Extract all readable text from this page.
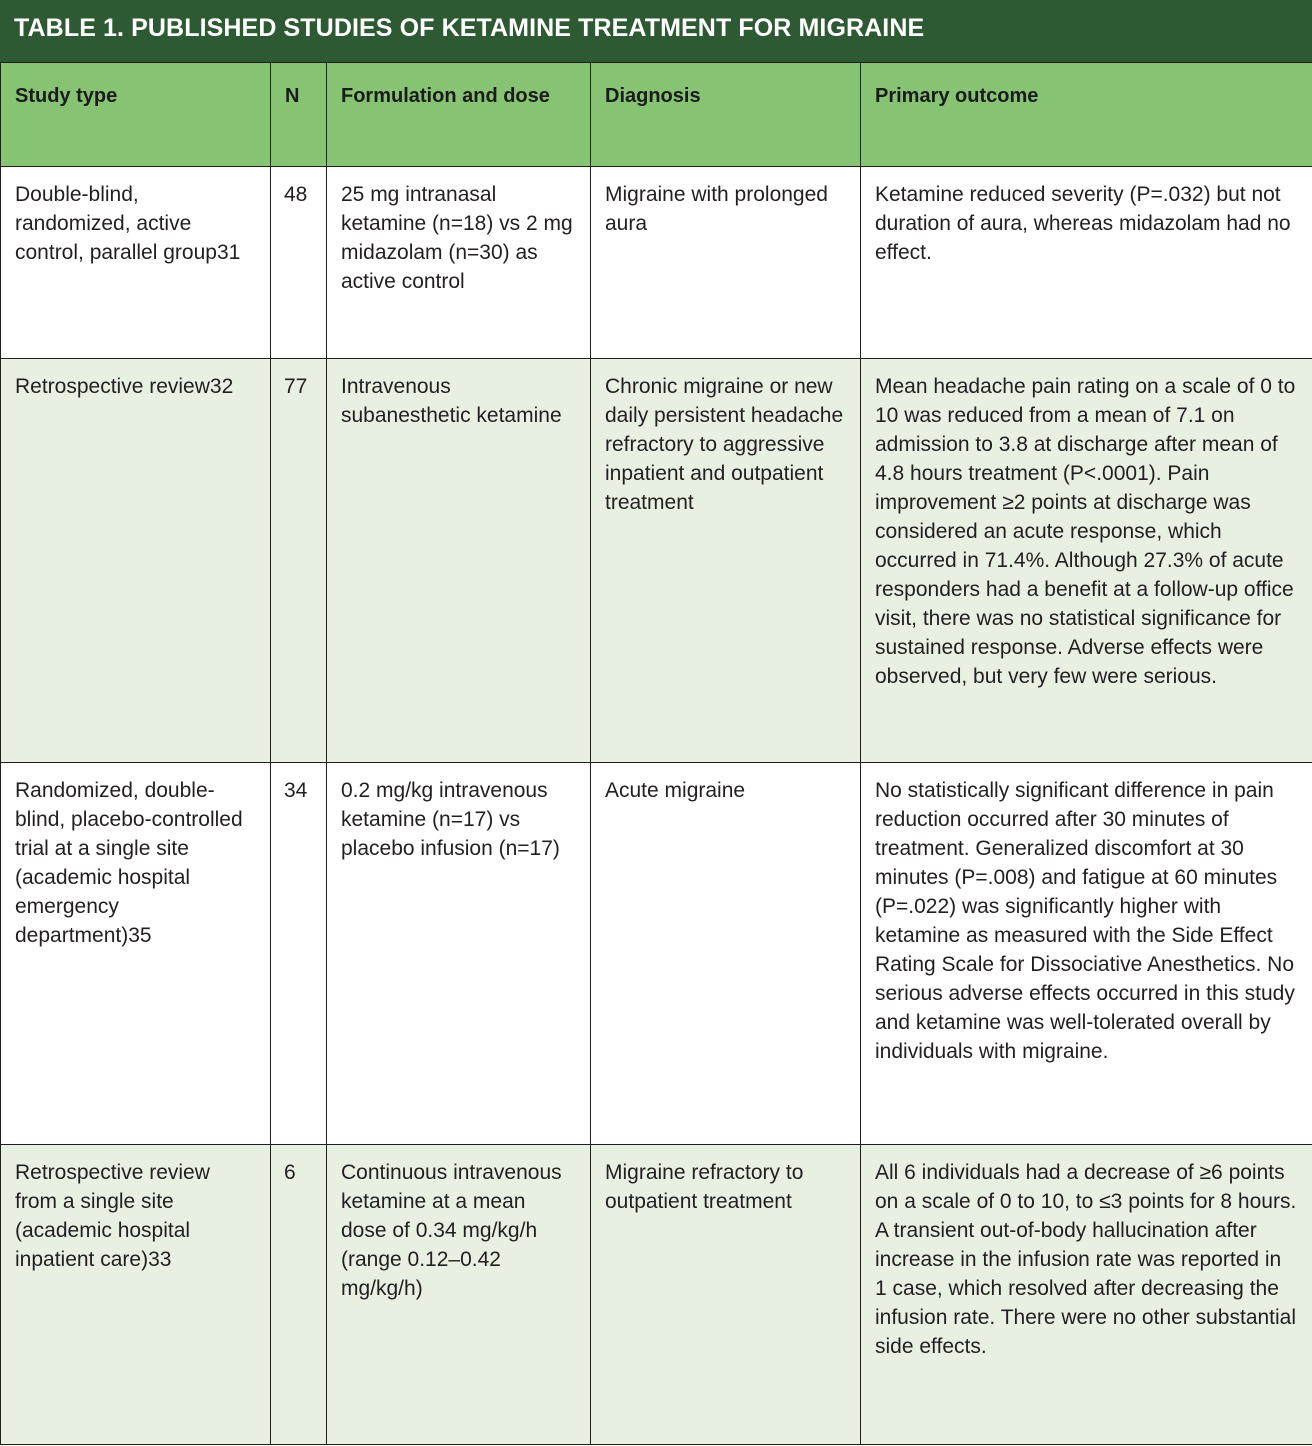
TABLE 1. PUBLISHED STUDIES OF KETAMINE TREATMENT FOR MIGRAINE
Study type	N	Formulation and dose	Diagnosis	Primary outcome
Double-blind, randomized, active control, parallel group31	48	25 mg intranasal ketamine (n=18) vs 2 mg midazolam (n=30) as active control	Migraine with prolonged aura	Ketamine reduced severity (P=.032) but not duration of aura, whereas midazolam had no effect.
Retrospective review32	77	Intravenous subanesthetic ketamine	Chronic migraine or new daily persistent headache refractory to aggressive inpatient and outpatient treatment	Mean headache pain rating on a scale of 0 to 10 was reduced from a mean of 7.1 on admission to 3.8 at discharge after mean of 4.8 hours treatment (P<.0001). Pain improvement ≥2 points at discharge was considered an acute response, which occurred in 71.4%. Although 27.3% of acute responders had a benefit at a follow-up office visit, there was no statistical significance for sustained response. Adverse effects were observed, but very few were serious.
Randomized, double-blind, placebo-controlled trial at a single site (academic hospital emergency department)35	34	0.2 mg/kg intravenous ketamine (n=17) vs placebo infusion (n=17)	Acute migraine	No statistically significant difference in pain reduction occurred after 30 minutes of treatment. Generalized discomfort at 30 minutes (P=.008) and fatigue at 60 minutes (P=.022) was significantly higher with ketamine as measured with the Side Effect Rating Scale for Dissociative Anesthetics. No serious adverse effects occurred in this study and ketamine was well-tolerated overall by individuals with migraine.
Retrospective review from a single site (academic hospital inpatient care)33	6	Continuous intravenous ketamine at a mean dose of 0.34 mg/kg/h (range 0.12–0.42 mg/kg/h)	Migraine refractory to outpatient treatment	All 6 individuals had a decrease of ≥6 points on a scale of 0 to 10, to ≤3 points for 8 hours. A transient out-of-body hallucination after increase in the infusion rate was reported in 1 case, which resolved after decreasing the infusion rate. There were no other substantial side effects.
